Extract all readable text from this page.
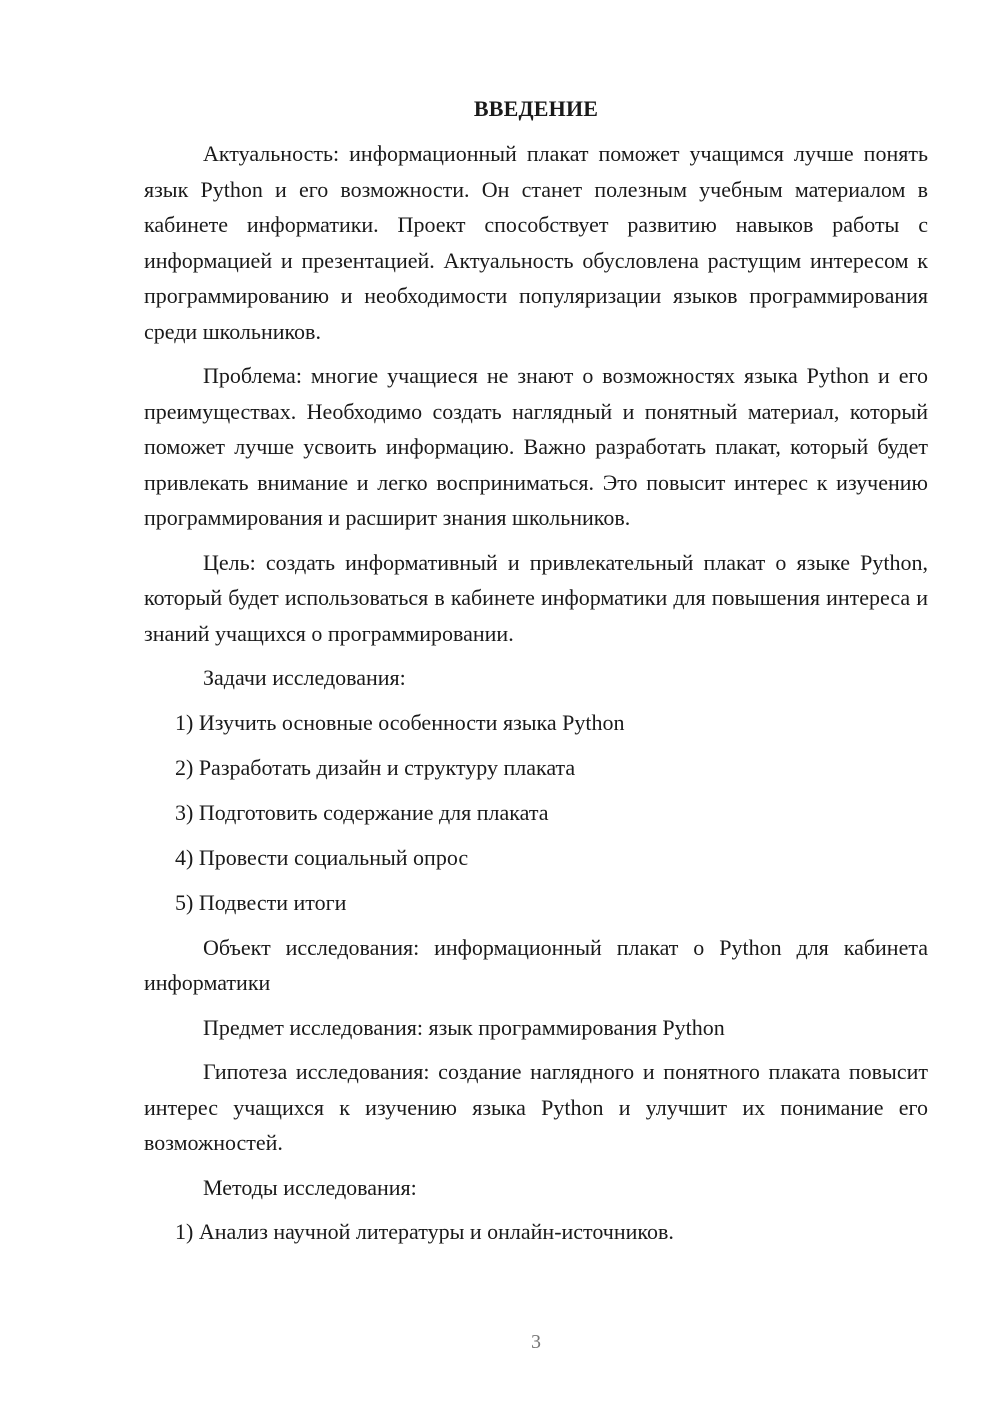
ВВЕДЕНИЕ

Актуальность: информационный плакат поможет учащимся лучше понять язык Python и его возможности. Он станет полезным учебным материалом в кабинете информатики. Проект способствует развитию навыков работы с информацией и презентацией. Актуальность обусловлена растущим интересом к программированию и необходимости популяризации языков программирования среди школьников.

Проблема: многие учащиеся не знают о возможностях языка Python и его преимуществах. Необходимо создать наглядный и понятный материал, который поможет лучше усвоить информацию. Важно разработать плакат, который будет привлекать внимание и легко восприниматься. Это повысит интерес к изучению программирования и расширит знания школьников.

Цель: создать информативный и привлекательный плакат о языке Python, который будет использоваться в кабинете информатики для повышения интереса и знаний учащихся о программировании.

Задачи исследования:

1) Изучить основные особенности языка Python
2) Разработать дизайн и структуру плаката
3) Подготовить содержание для плаката
4) Провести социальный опрос
5) Подвести итоги

Объект исследования: информационный плакат о Python для кабинета информатики

Предмет исследования: язык программирования Python

Гипотеза исследования: создание наглядного и понятного плаката повысит интерес учащихся к изучению языка Python и улучшит их понимание его возможностей.

Методы исследования:

1) Анализ научной литературы и онлайн-источников.
3
